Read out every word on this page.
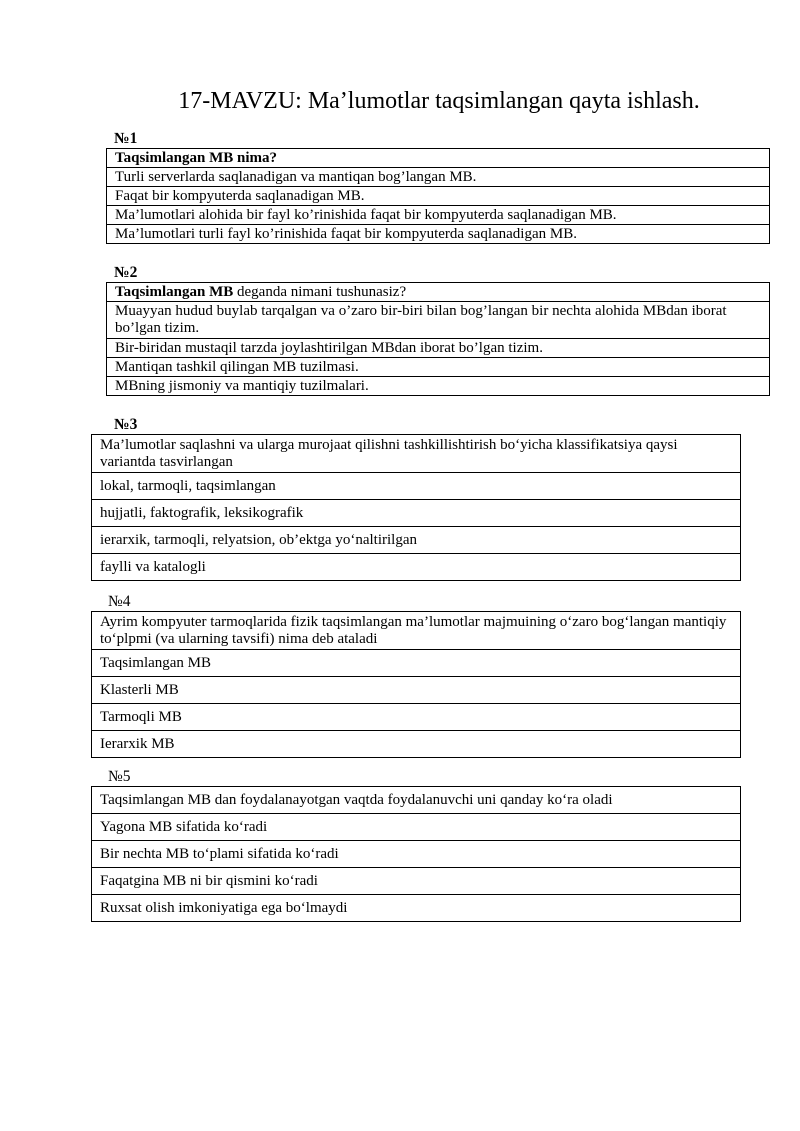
17-MAVZU: Ma’lumotlar taqsimlangan qayta ishlash.
№1
Taqsimlangan MB nima?
Turli serverlarda saqlanadigan va mantiqan bog’langan MB.
Faqat bir kompyuterda saqlanadigan MB.
Ma’lumotlari alohida bir fayl ko’rinishida faqat bir kompyuterda saqlanadigan MB.
Ma’lumotlari turli fayl ko’rinishida faqat bir kompyuterda saqlanadigan MB.
№2
Taqsimlangan MB deganda nimani tushunasiz?
Muayyan hudud buylab tarqalgan va o’zaro bir-biri bilan bog’langan bir nechta alohida MBdan iborat bo’lgan tizim.
Bir-biridan mustaqil tarzda joylashtirilgan MBdan iborat bo’lgan tizim.
Mantiqan tashkil qilingan MB tuzilmasi.
MBning jismoniy va mantiqiy tuzilmalari.
№3
Ma’lumotlar saqlashni va ularga murojaat qilishni tashkillishtirish bo‘yicha klassifikatsiya qaysi variantda tasvirlangan
lokal, tarmoqli, taqsimlangan
hujjatli, faktografik, leksikografik
ierarxik, tarmoqli, relyatsion, ob’ektga yo‘naltirilgan
faylli va katalogli
№4
Ayrim kompyuter tarmoqlarida fizik taqsimlangan ma’lumotlar majmuining o‘zaro bog‘langan mantiqiy to‘plpmi (va ularning tavsifi) nima deb ataladi
Taqsimlangan MB
Klasterli MB
Tarmoqli MB
Ierarxik MB
№5
Taqsimlangan MB dan foydalanayotgan vaqtda foydalanuvchi uni qanday ko‘ra oladi
Yagona MB sifatida ko‘radi
Bir nechta MB to‘plami sifatida ko‘radi
Faqatgina MB ni bir qismini ko‘radi
Ruxsat olish imkoniyatiga ega bo‘lmaydi
